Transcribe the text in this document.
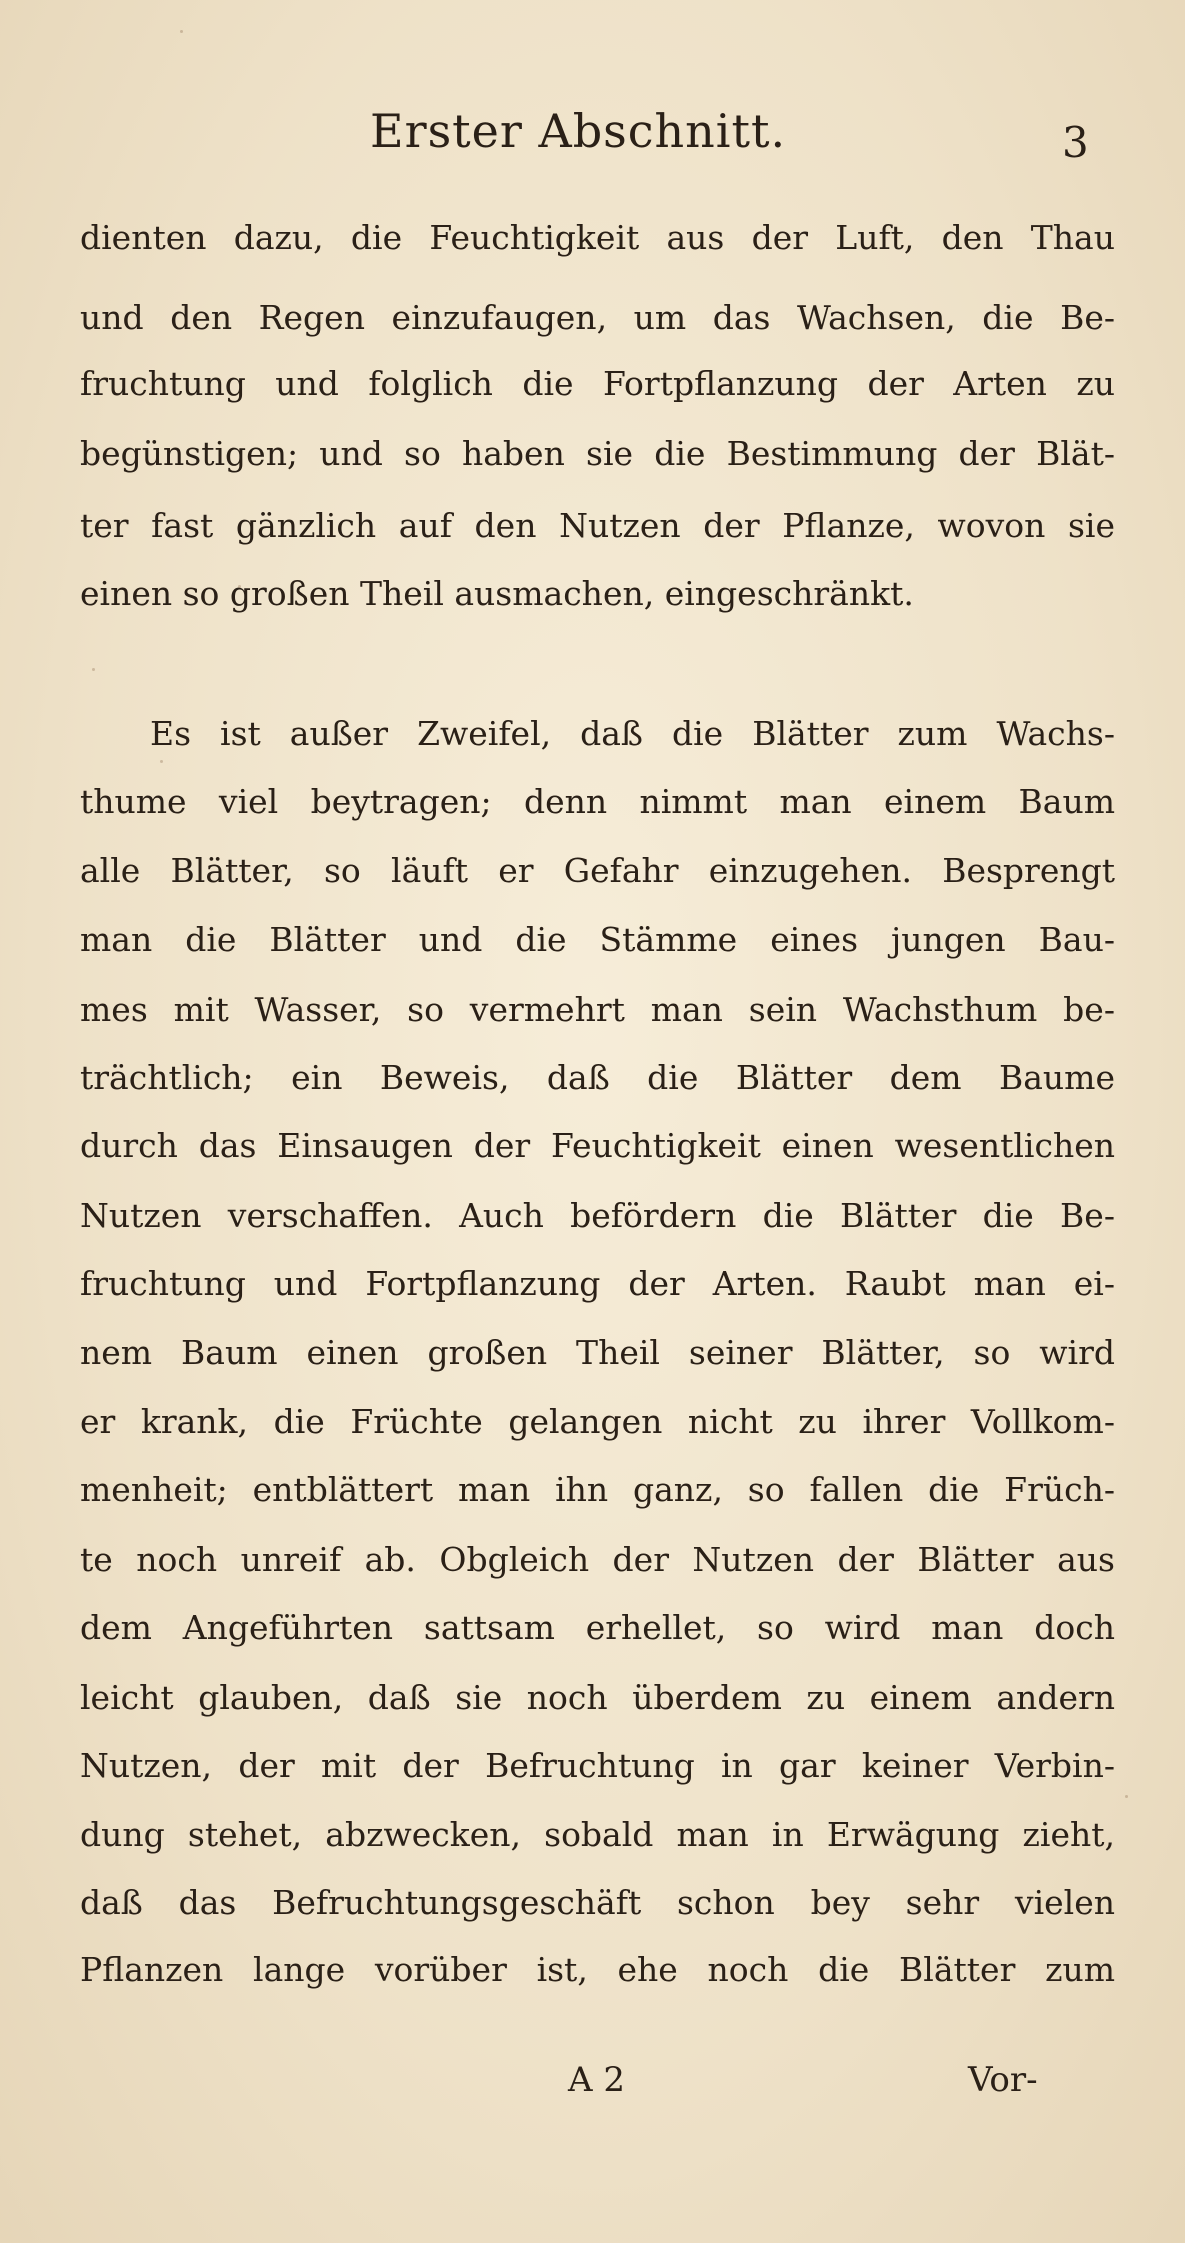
Erster Abschnitt.	3
dienten dazu, die Feuchtigkeit aus der Luft, den Thau
und den Regen einzufaugen, um das Wachsen, die Be-
fruchtung und folglich die Fortpflanzung der Arten zu
begünstigen; und so haben sie die Bestimmung der Blät-
ter fast gänzlich auf den Nutzen der Pflanze, wovon sie
einen so großen Theil ausmachen, eingeschränkt.
Es ist außer Zweifel, daß die Blätter zum Wachs-
thume viel beytragen; denn nimmt man einem Baum
alle Blätter, so läuft er Gefahr einzugehen. Besprengt
man die Blätter und die Stämme eines jungen Bau-
mes mit Wasser, so vermehrt man sein Wachsthum be-
trächtlich; ein Beweis, daß die Blätter dem Baume
durch das Einsaugen der Feuchtigkeit einen wesentlichen
Nutzen verschaffen. Auch befördern die Blätter die Be-
fruchtung und Fortpflanzung der Arten. Raubt man ei-
nem Baum einen großen Theil seiner Blätter, so wird
er krank, die Früchte gelangen nicht zu ihrer Vollkom-
menheit; entblättert man ihn ganz, so fallen die Früch-
te noch unreif ab. Obgleich der Nutzen der Blätter aus
dem Angeführten sattsam erhellet, so wird man doch
leicht glauben, daß sie noch überdem zu einem andern
Nutzen, der mit der Befruchtung in gar keiner Verbin-
dung stehet, abzwecken, sobald man in Erwägung zieht,
daß das Befruchtungsgeschäft schon bey sehr vielen
Pflanzen lange vorüber ist, ehe noch die Blätter zum
A 2	Vor-
